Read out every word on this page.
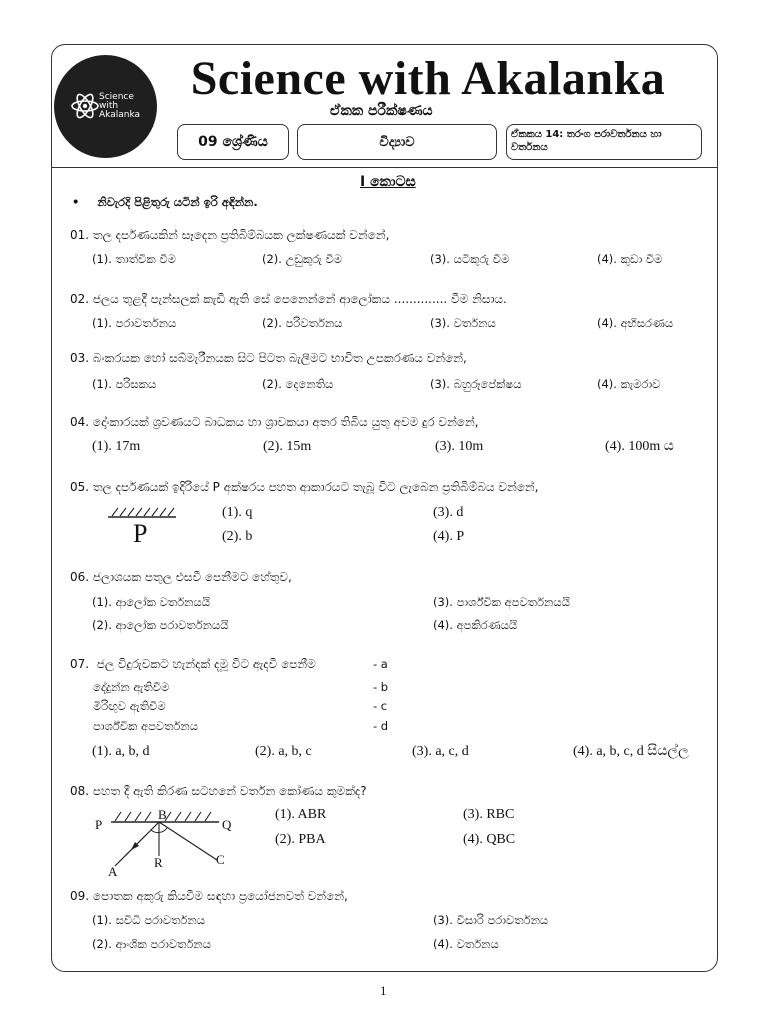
Science
with
Akalanka
Science with Akalanka
ඒකක පරීක්ෂණය
09 ශ්‍රේණිය	විද්‍යාව	ඒකකය 14: තරංග පරාවර්තනය හා වර්තනය
I කොටස
• නිවැරදි පිළිතුරු යටින් ඉරි අඳින්න.
01. තල දර්පණයකින් සෑදෙන ප්‍රතිබිම්බයක ලක්ෂණයක් වන්නේ,
(1). තාත්වික වීම	(2). උඩුකුරු වීම	(3). යටිකුරු වීම	(4). කුඩා වීම
02. ජලය තුළදී පැන්සලක් කැඩී ඇති සේ පෙනෙන්නේ ආලෝකය .............. වීම නිසාය.
(1). පරාවර්තනය	(2). පරිවර්තනය	(3). වර්තනය	(4). අභිසරණය
03. බංකරයක හෝ සබ්මැරීනයක සිට පිටත බැලීමට භාවිත උපකරණය වන්නේ,
(1). පරිසකය	(2). දෙනෙතිය	(3). බහුරූපේක්ෂය	(4). කැමරාව
04. දෝංකාරයක් ශ්‍රවණයට බාධකය හා ශ්‍රාවකයා අතර තිබිය යුතු අවම දුර වන්නේ,
(1). 17m	(2). 15m	(3). 10m	(4). 100m ය
05. තල දර්පණයක් ඉදිරියේ P අක්ෂරය පහත ආකාරයට තැබූ විට ලැබෙන ප්‍රතිබිම්බය වන්නේ,
P
(1). q
(2). b
(3). d
(4). P
06. ජලාශයක පතුල එසවී පෙනීමට හේතුව,
(1). ආලෝක වර්තනයයි
(2). ආලෝක පරාවර්තනයයි
(3). පාර්ශ්වික අපවර්තනයයි
(4). අපකිරණයයි
07.  ජල විදුරුවකට හැන්දක් දමූ විට ඇදවී පෙනීම	- a
දේදුන්න ඇතිවීම	- b
මිරිඟුව ඇතිවීම	- c
පාර්ශ්වික අපවර්තනය	- d
(1). a, b, d	(2). a, b, c	(3). a, c, d	(4). a, b, c, d සියල්ල
08. පහත දී ඇති කිරණ සටහනේ වර්තන කෝණය කුමක්ද?
P
B
Q
R
A
C
(1). ABR
(2). PBA
(3). RBC
(4). QBC
09. පොතක අකුරු කියවීම සඳහා ප්‍රයෝජනවත් වන්නේ,
(1). සවිධි පරාවර්තනය
(2). ආංශික පරාවර්තනය
(3). විසාරි පරාවර්තනය
(4). වර්තනය
1
